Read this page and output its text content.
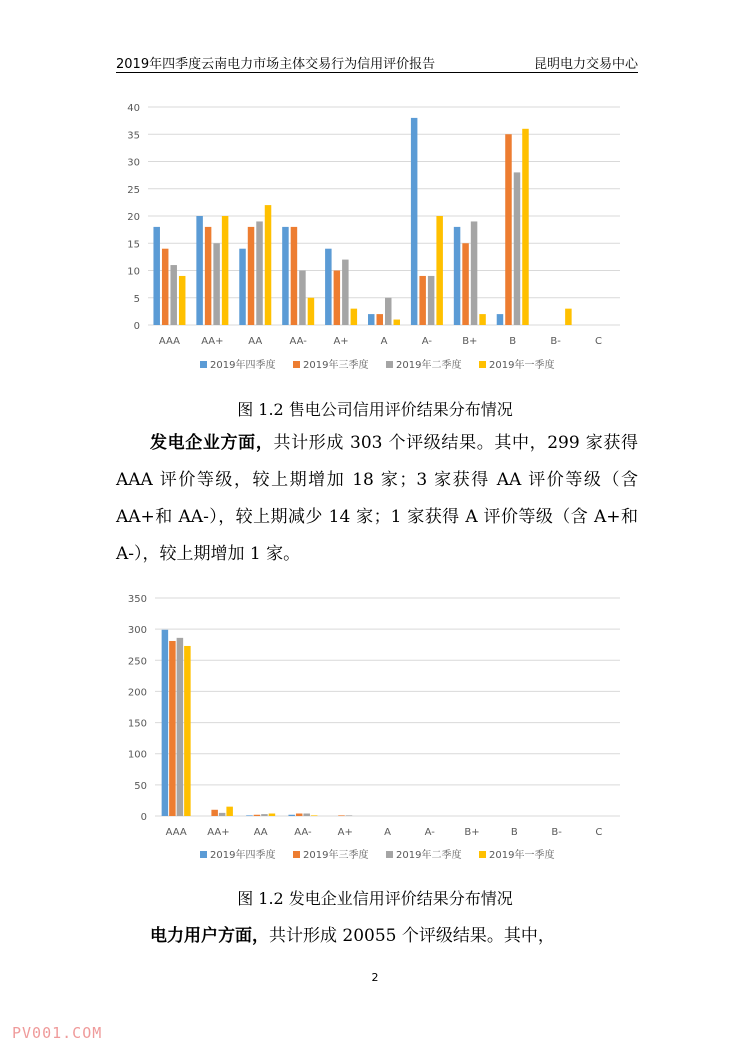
2019年四季度云南电力市场主体交易行为信用评价报告	昆明电力交易中心
0
5
10
15
20
25
30
35
40
AAA AA+ AA	AA-	A+	A	A-	B+	B	B-	C
2019年四季度	2019年三季度	2019年二季度	2019年一季度
图 1.2 售电公司信用评价结果分布情况
发电企业方面，共计形成 303 个评级结果。其中，299 家获得 AAA 评价等级，较上期增加 18 家；3 家获得 AA 评价等级（含 AA+和 AA-），较上期减少 14 家；1 家获得 A 评价等级（含 A+和 A-），较上期增加 1 家。
0
50
100
150
200
250
300
350
AAA AA+ AA	AA-	A+	A	A-	B+	B	B-	C
2019年四季度	2019年三季度	2019年二季度	2019年一季度
图 1.2 发电企业信用评价结果分布情况
电力用户方面，共计形成 20055 个评级结果。其中，
2
PV001.COM
